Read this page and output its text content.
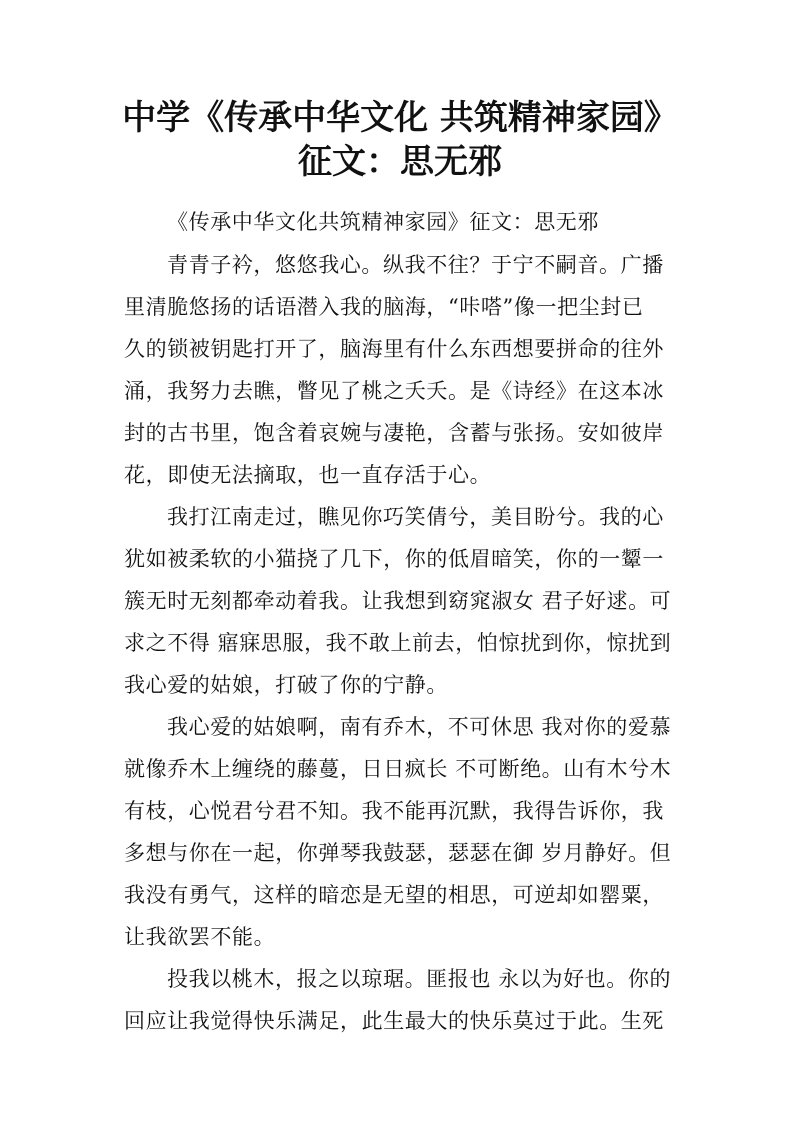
中学《传承中华文化 共筑精神家园》
征文：思无邪

《传承中华文化共筑精神家园》征文：思无邪

青青子衿，悠悠我心。纵我不往？于宁不嗣音。广播

里清脆悠扬的话语潜入我的脑海，“咔嗒”像一把尘封已

久的锁被钥匙打开了，脑海里有什么东西想要拼命的往外

涌，我努力去瞧，瞥见了桃之夭夭。是《诗经》在这本冰

封的古书里，饱含着哀婉与凄艳，含蓄与张扬。安如彼岸

花，即使无法摘取，也一直存活于心。

我打江南走过，瞧见你巧笑倩兮，美目盼兮。我的心

犹如被柔软的小猫挠了几下，你的低眉暗笑，你的一颦一

簇无时无刻都牵动着我。让我想到窈窕淑女 君子好逑。可

求之不得 寤寐思服，我不敢上前去，怕惊扰到你，惊扰到

我心爱的姑娘，打破了你的宁静。

我心爱的姑娘啊，南有乔木，不可休思 我对你的爱慕

就像乔木上缠绕的藤蔓，日日疯长 不可断绝。山有木兮木

有枝，心悦君兮君不知。我不能再沉默，我得告诉你，我

多想与你在一起，你弹琴我鼓瑟，瑟瑟在御 岁月静好。但

我没有勇气，这样的暗恋是无望的相思，可逆却如罂粟，

让我欲罢不能。

投我以桃木，报之以琼琚。匪报也 永以为好也。你的

回应让我觉得快乐满足，此生最大的快乐莫过于此。生死
